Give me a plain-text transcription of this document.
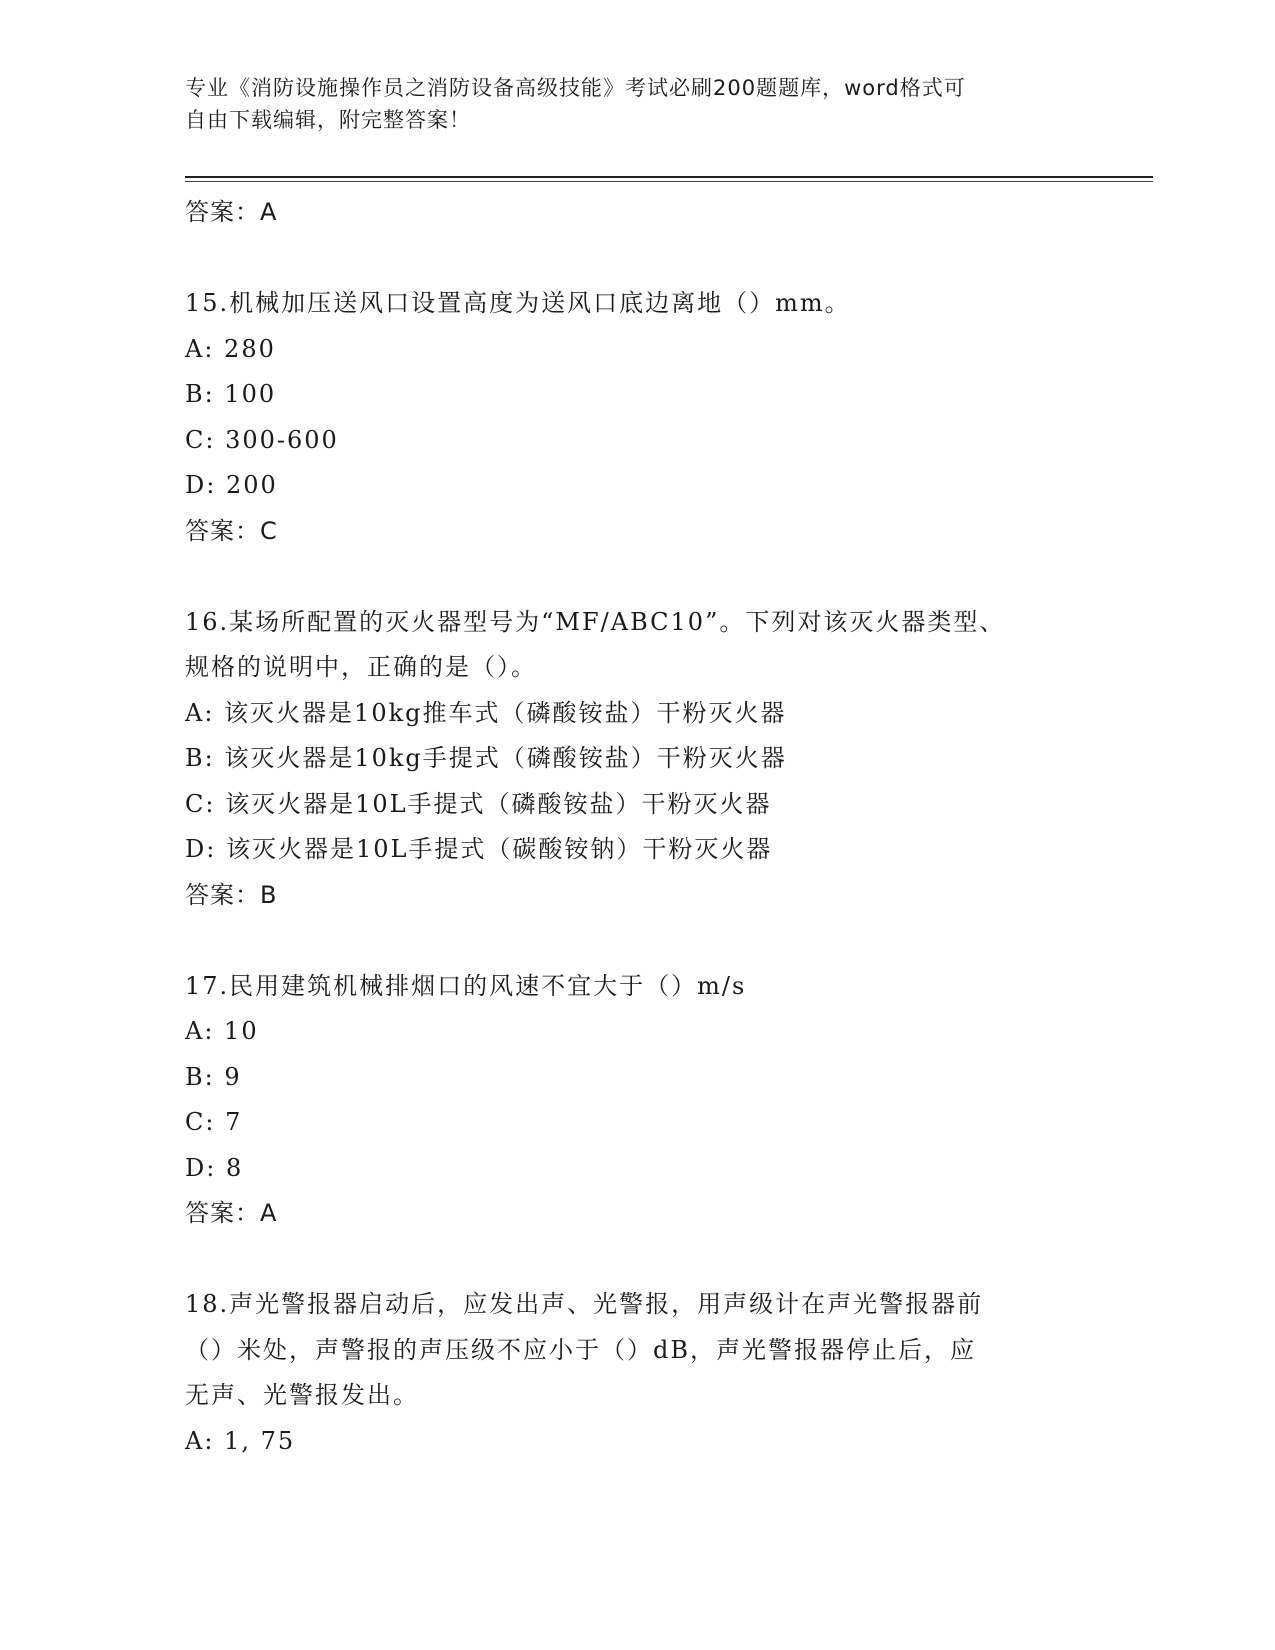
专业《消防设施操作员之消防设备高级技能》考试必刷200题题库，word格式可
自由下载编辑，附完整答案！
答案：A
15.机械加压送风口设置高度为送风口底边离地（）mm。
A: 280
B: 100
C: 300-600
D: 200
答案：C
16.某场所配置的灭火器型号为“MF/ABC10”。下列对该灭火器类型、
规格的说明中，正确的是（）。
A: 该灭火器是10kg推车式（磷酸铵盐）干粉灭火器
B: 该灭火器是10kg手提式（磷酸铵盐）干粉灭火器
C: 该灭火器是10L手提式（磷酸铵盐）干粉灭火器
D: 该灭火器是10L手提式（碳酸铵钠）干粉灭火器
答案：B
17.民用建筑机械排烟口的风速不宜大于（）m/s
A: 10
B: 9
C: 7
D: 8
答案：A
18.声光警报器启动后，应发出声、光警报，用声级计在声光警报器前
（）米处，声警报的声压级不应小于（）dB，声光警报器停止后，应
无声、光警报发出。
A: 1, 75
